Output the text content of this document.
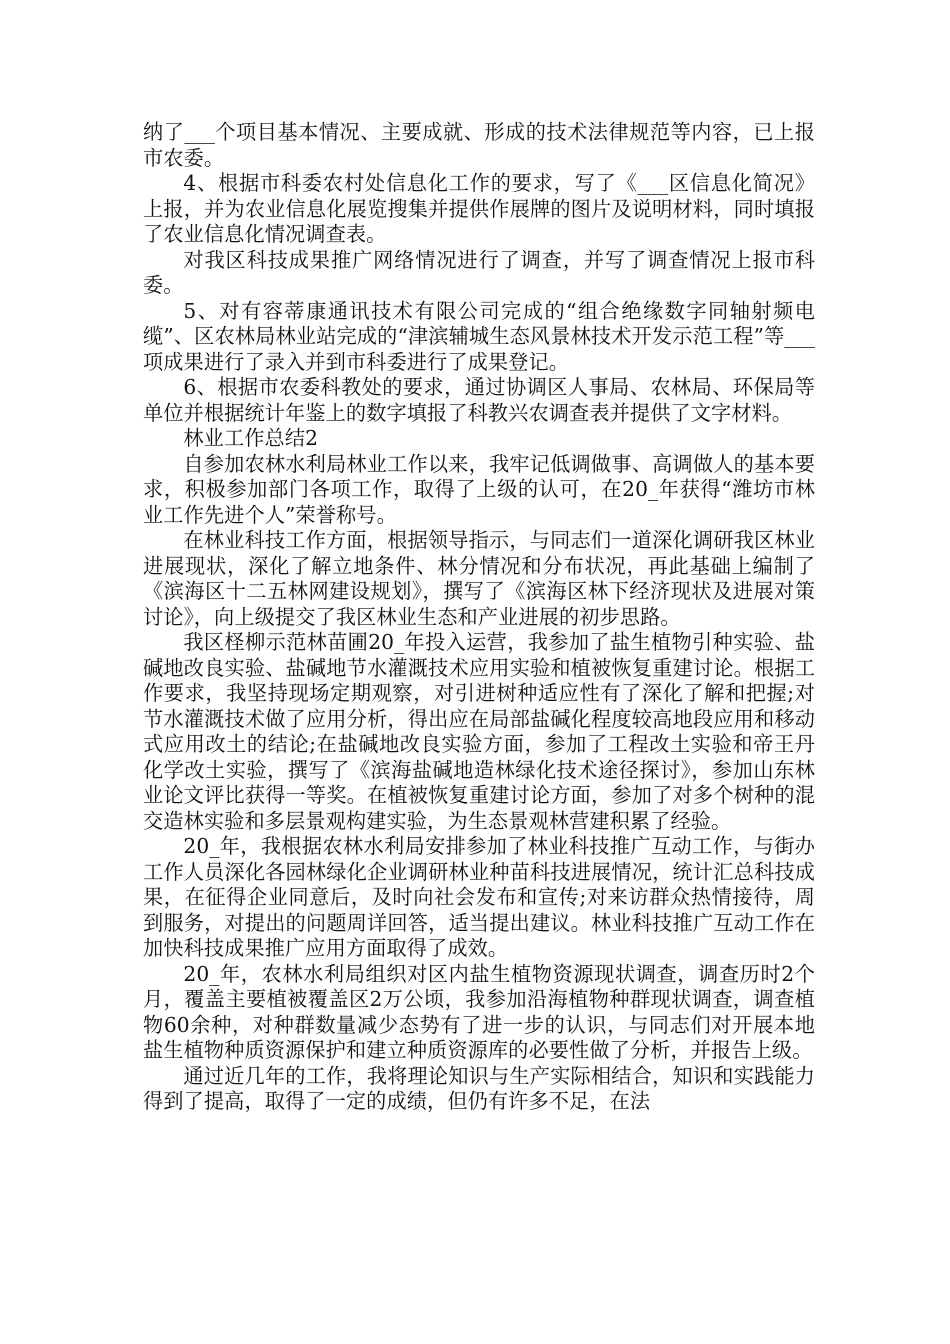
纳了___个项目基本情况、主要成就、形成的技术法律规范等内容，已上报市农委。

4、根据市科委农村处信息化工作的要求，写了《___区信息化简况》上报，并为农业信息化展览搜集并提供作展牌的图片及说明材料，同时填报了农业信息化情况调查表。

对我区科技成果推广网络情况进行了调查，并写了调查情况上报市科委。

5、对有容蒂康通讯技术有限公司完成的“组合绝缘数字同轴射频电缆”、区农林局林业站完成的“津滨辅城生态风景林技术开发示范工程”等___项成果进行了录入并到市科委进行了成果登记。

6、根据市农委科教处的要求，通过协调区人事局、农林局、环保局等单位并根据统计年鉴上的数字填报了科教兴农调查表并提供了文字材料。

林业工作总结2

自参加农林水利局林业工作以来，我牢记低调做事、高调做人的基本要求，积极参加部门各项工作，取得了上级的认可，在20_年获得“潍坊市林业工作先进个人”荣誉称号。

在林业科技工作方面，根据领导指示，与同志们一道深化调研我区林业进展现状，深化了解立地条件、林分情况和分布状况，再此基础上编制了《滨海区十二五林网建设规划》，撰写了《滨海区林下经济现状及进展对策讨论》，向上级提交了我区林业生态和产业进展的初步思路。

我区柽柳示范林苗圃20_年投入运营，我参加了盐生植物引种实验、盐碱地改良实验、盐碱地节水灌溉技术应用实验和植被恢复重建讨论。根据工作要求，我坚持现场定期观察，对引进树种适应性有了深化了解和把握;对节水灌溉技术做了应用分析，得出应在局部盐碱化程度较高地段应用和移动式应用改土的结论;在盐碱地改良实验方面，参加了工程改土实验和帝王丹化学改土实验，撰写了《滨海盐碱地造林绿化技术途径探讨》，参加山东林业论文评比获得一等奖。在植被恢复重建讨论方面，参加了对多个树种的混交造林实验和多层景观构建实验，为生态景观林营建积累了经验。

20_年，我根据农林水利局安排参加了林业科技推广互动工作，与街办工作人员深化各园林绿化企业调研林业种苗科技进展情况，统计汇总科技成果，在征得企业同意后，及时向社会发布和宣传;对来访群众热情接待，周到服务，对提出的问题周详回答，适当提出建议。林业科技推广互动工作在加快科技成果推广应用方面取得了成效。

20_年，农林水利局组织对区内盐生植物资源现状调查，调查历时2个月，覆盖主要植被覆盖区2万公顷，我参加沿海植物种群现状调查，调查植物60余种，对种群数量减少态势有了进一步的认识，与同志们对开展本地盐生植物种质资源保护和建立种质资源库的必要性做了分析，并报告上级。

通过近几年的工作，我将理论知识与生产实际相结合，知识和实践能力得到了提高，取得了一定的成绩，但仍有许多不足，在法
